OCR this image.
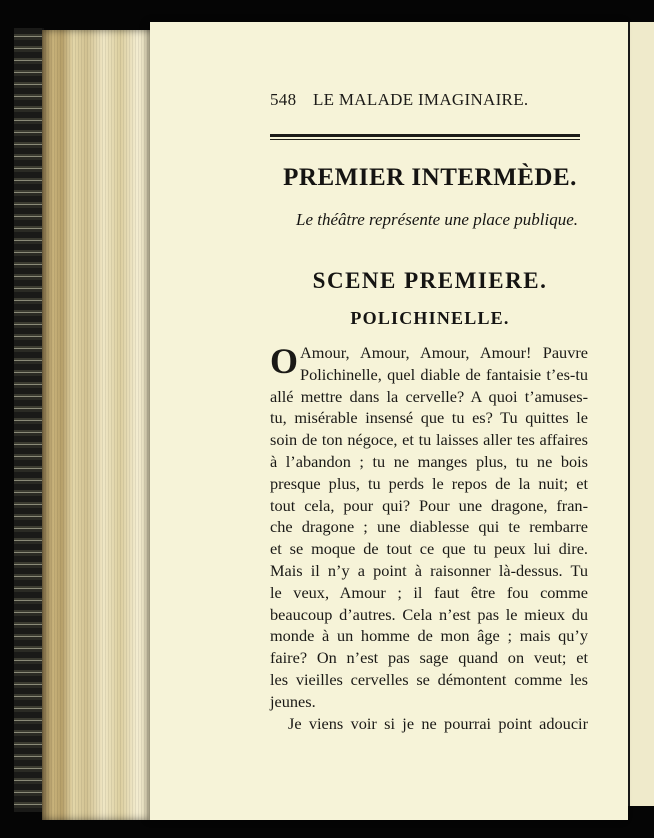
548 LE MALADE IMAGINAIRE.
PREMIER INTERMÈDE.
Le théâtre représente une place publique.
SCENE PREMIERE.
POLICHINELLE.
O Amour, Amour, Amour, Amour! Pauvre
Polichinelle, quel diable de fantaisie t’es-tu
allé mettre dans la cervelle? A quoi t’amuses-
tu, misérable insensé que tu es? Tu quittes le
soin de ton négoce, et tu laisses aller tes affaires
à l’abandon ; tu ne manges plus, tu ne bois
presque plus, tu perds le repos de la nuit; et
tout cela, pour qui? Pour une dragone, fran-
che dragone ; une diablesse qui te rembarre
et se moque de tout ce que tu peux lui dire.
Mais il n’y a point à raisonner là-dessus. Tu
le veux, Amour ; il faut être fou comme
beaucoup d’autres. Cela n’est pas le mieux du
monde à un homme de mon âge ; mais qu’y
faire? On n’est pas sage quand on veut; et
les vieilles cervelles se démontent comme les
jeunes.
Je viens voir si je ne pourrai point adoucir
